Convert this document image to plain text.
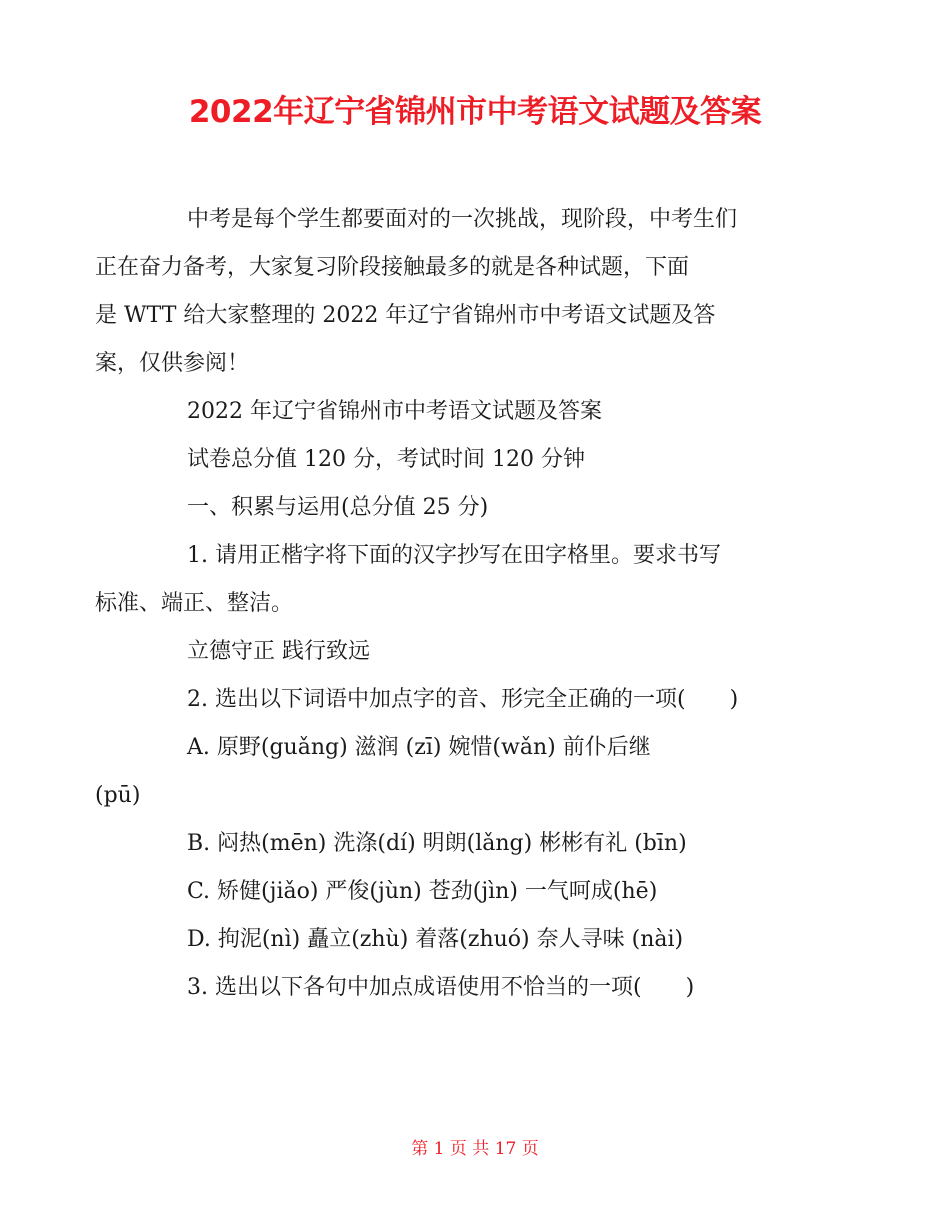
2022年辽宁省锦州市中考语文试题及答案

中考是每个学生都要面对的一次挑战，现阶段，中考生们
正在奋力备考，大家复习阶段接触最多的就是各种试题，下面
是 WTT 给大家整理的 2022 年辽宁省锦州市中考语文试题及答
案，仅供参阅！

2022 年辽宁省锦州市中考语文试题及答案

试卷总分值 120 分，考试时间 120 分钟

一、积累与运用(总分值 25 分)

1. 请用正楷字将下面的汉字抄写在田字格里。要求书写
标准、端正、整洁。

立德守正 践行致远

2. 选出以下词语中加点字的音、形完全正确的一项(　　)

A. 原野(guǎng) 滋润 (zī) 婉惜(wǎn) 前仆后继
(pū)

B. 闷热(mēn) 洗涤(dí) 明朗(lǎng) 彬彬有礼 (bīn)

C. 矫健(jiǎo) 严俊(jùn) 苍劲(jìn) 一气呵成(hē)

D. 拘泥(nì) 矗立(zhù) 着落(zhuó) 奈人寻味 (nài)

3. 选出以下各句中加点成语使用不恰当的一项(　　)

第 1 页 共 17 页
